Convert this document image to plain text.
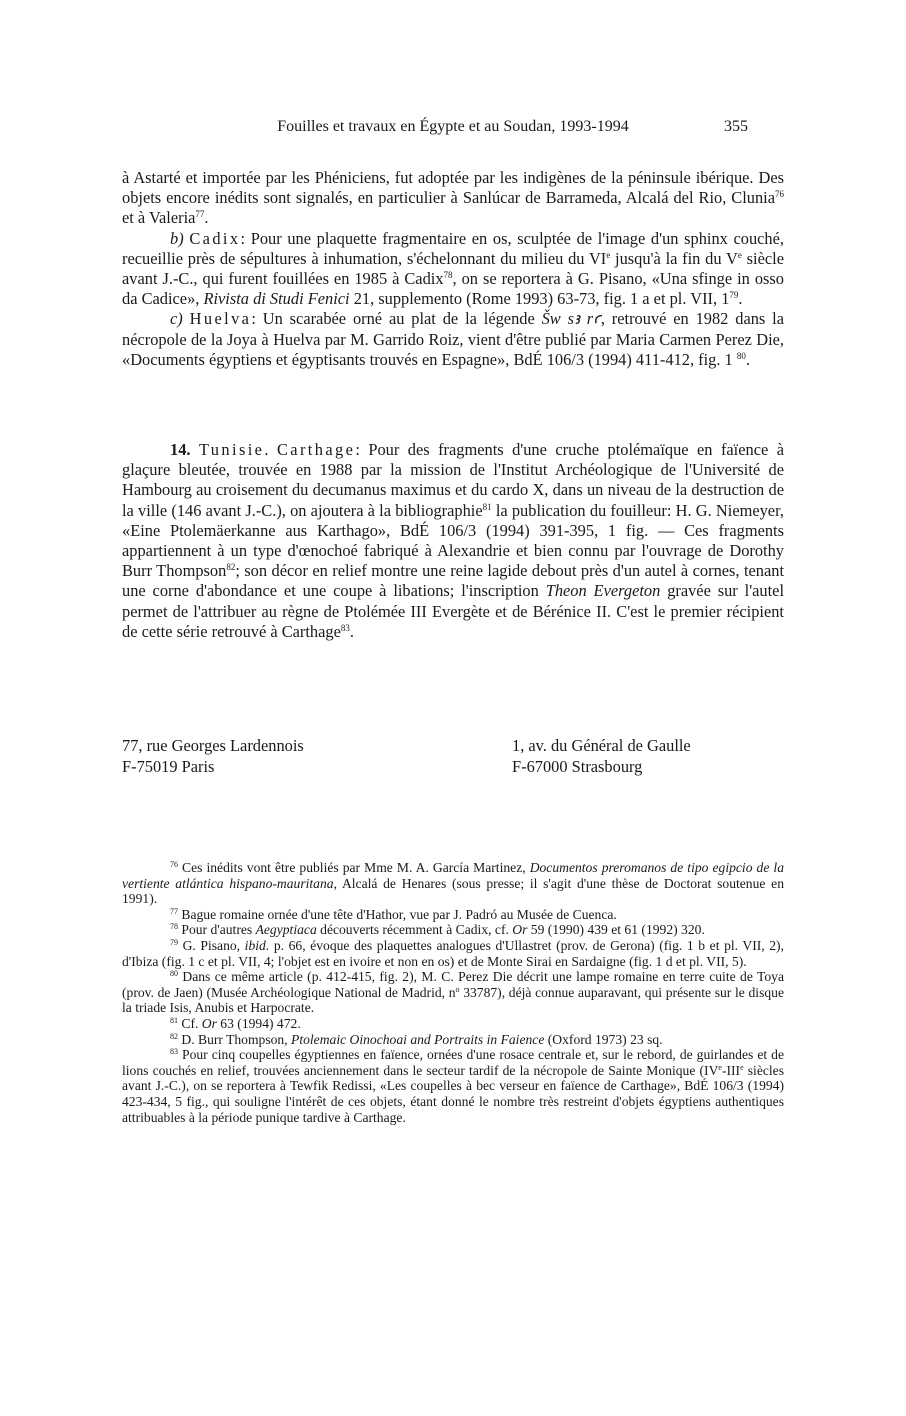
Fouilles et travaux en Égypte et au Soudan, 1993-1994	355

à Astarté et importée par les Phéniciens, fut adoptée par les indigènes de la péninsule ibérique. Des objets encore inédits sont signalés, en particulier à Sanlúcar de Barrameda, Alcalá del Rio, Clunia$^{76}$ et à Valeria$^{77}$.

b) Cadix: Pour une plaquette fragmentaire en os, sculptée de l'image d'un sphinx couché, recueillie près de sépultures à inhumation, s'échelonnant du milieu du VIe jusqu'à la fin du Ve siècle avant J.-C., qui furent fouillées en 1985 à Cadix$^{78}$, on se reportera à G. Pisano, «Una sfinge in osso da Cadice», Rivista di Studi Fenici 21, supplemento (Rome 1993) 63-73, fig. 1 a et pl. VII, $1^{79}$.

c) Huelva: Un scarabée orné au plat de la légende Šw sꜣ rꜥ, retrouvé en 1982 dans la nécropole de la Joya à Huelva par M. Garrido Roiz, vient d'être publié par Maria Carmen Perez Die, «Documents égyptiens et égyptisants trouvés en Espagne», BdÉ 106/3 (1994) 411-412, fig. 1 $^{80}$.

14. Tunisie. Carthage: Pour des fragments d'une cruche ptolémaïque en faïence à glaçure bleutée, trouvée en 1988 par la mission de l'Institut Archéologique de l'Université de Hambourg au croisement du decumanus maximus et du cardo X, dans un niveau de la destruction de la ville (146 avant J.-C.), on ajoutera à la bibliographie$^{81}$ la publication du fouilleur: H. G. Niemeyer, «Eine Ptolemäerkanne aus Karthago», BdÉ 106/3 (1994) 391-395, 1 fig. — Ces fragments appartiennent à un type d'œnochoé fabriqué à Alexandrie et bien connu par l'ouvrage de Dorothy Burr Thompson$^{82}$; son décor en relief montre une reine lagide debout près d'un autel à cornes, tenant une corne d'abondance et une coupe à libations; l'inscription Theon Evergeton gravée sur l'autel permet de l'attribuer au règne de Ptolémée III Evergète et de Bérénice II. C'est le premier récipient de cette série retrouvé à Carthage$^{83}$.

77, rue Georges Lardennois
F-75019 Paris
1, av. du Général de Gaulle
F-67000 Strasbourg

$^{76}$ Ces inédits vont être publiés par Mme M. A. García Martinez, Documentos preromanos de tipo egipcio de la vertiente atlántica hispano-mauritana, Alcalá de Henares (sous presse; il s'agit d'une thèse de Doctorat soutenue en 1991).

$^{77}$ Bague romaine ornée d'une tête d'Hathor, vue par J. Padró au Musée de Cuenca.

$^{78}$ Pour d'autres Aegyptiaca découverts récemment à Cadix, cf. Or 59 (1990) 439 et 61 (1992) 320.

$^{79}$ G. Pisano, ibid. p. 66, évoque des plaquettes analogues d'Ullastret (prov. de Gerona) (fig. 1 b et pl. VII, 2), d'Ibiza (fig. 1 c et pl. VII, 4; l'objet est en ivoire et non en os) et de Monte Sirai en Sardaigne (fig. 1 d et pl. VII, 5).

$^{80}$ Dans ce même article (p. 412-415, fig. 2), M. C. Perez Die décrit une lampe romaine en terre cuite de Toya (prov. de Jaen) (Musée Archéologique National de Madrid, $n^o$ 33787), déjà connue auparavant, qui présente sur le disque la triade Isis, Anubis et Harpocrate.

$^{81}$ Cf. Or 63 (1994) 472.

$^{82}$ D. Burr Thompson, Ptolemaic Oinochoai and Portraits in Faience (Oxford 1973) 23 sq.

$^{83}$ Pour cinq coupelles égyptiennes en faïence, ornées d'une rosace centrale et, sur le rebord, de guirlandes et de lions couchés en relief, trouvées anciennement dans le secteur tardif de la nécropole de Sainte Monique (IVe-IIIe siècles avant J.-C.), on se reportera à Tewfik Redissi, «Les coupelles à bec verseur en faïence de Carthage», BdÉ 106/3 (1994) 423-434, 5 fig., qui souligne l'intérêt de ces objets, étant donné le nombre très restreint d'objets égyptiens authentiques attribuables à la période punique tardive à Carthage.
